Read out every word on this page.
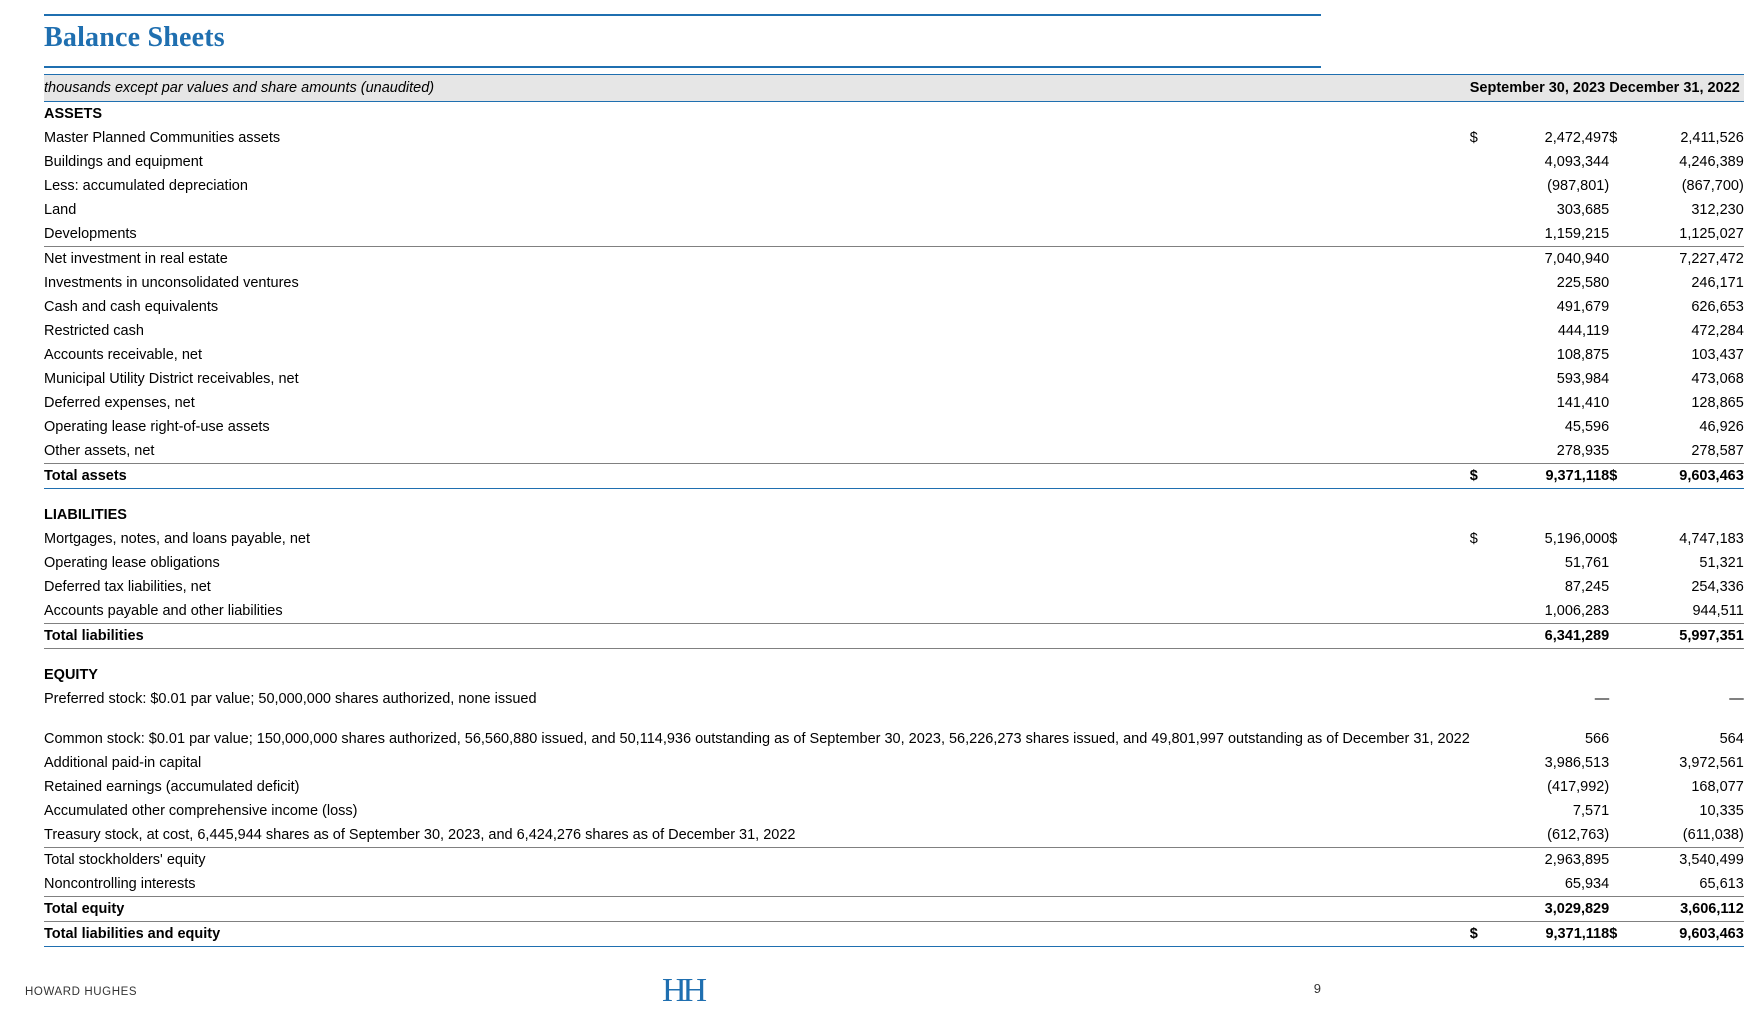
Balance Sheets
thousands except par values and share amounts (unaudited)	September 30, 2023		December 31, 2022	
ASSETS					
Master Planned Communities assets	$	2,472,497		$	2,411,526
Buildings and equipment		4,093,344			4,246,389
Less: accumulated depreciation		(987,801)			(867,700)
Land		303,685			312,230
Developments		1,159,215			1,125,027
Net investment in real estate		7,040,940			7,227,472
Investments in unconsolidated ventures		225,580			246,171
Cash and cash equivalents		491,679			626,653
Restricted cash		444,119			472,284
Accounts receivable, net		108,875			103,437
Municipal Utility District receivables, net		593,984			473,068
Deferred expenses, net		141,410			128,865
Operating lease right-of-use assets		45,596			46,926
Other assets, net		278,935			278,587
Total assets	$	9,371,118		$	9,603,463

LIABILITIES					
Mortgages, notes, and loans payable, net	$	5,196,000		$	4,747,183
Operating lease obligations		51,761			51,321
Deferred tax liabilities, net		87,245			254,336
Accounts payable and other liabilities		1,006,283			944,511
Total liabilities		6,341,289			5,997,351

EQUITY					
Preferred stock: $0.01 par value; 50,000,000 shares authorized, none issued		—			—
Common stock: $0.01 par value; 150,000,000 shares authorized, 56,560,880 issued, and 50,114,936 outstanding as of September 30, 2023, 56,226,273 shares issued, and 49,801,997 outstanding as of December 31, 2022		566			564
Additional paid-in capital		3,986,513			3,972,561
Retained earnings (accumulated deficit)		(417,992)			168,077
Accumulated other comprehensive income (loss)		7,571			10,335
Treasury stock, at cost, 6,445,944 shares as of September 30, 2023, and 6,424,276 shares as of December 31, 2022		(612,763)			(611,038)
Total stockholders' equity		2,963,895			3,540,499
Noncontrolling interests		65,934			65,613
Total equity		3,029,829			3,606,112
Total liabilities and equity	$	9,371,118		$	9,603,463
HOWARD HUGHES	HH	9
